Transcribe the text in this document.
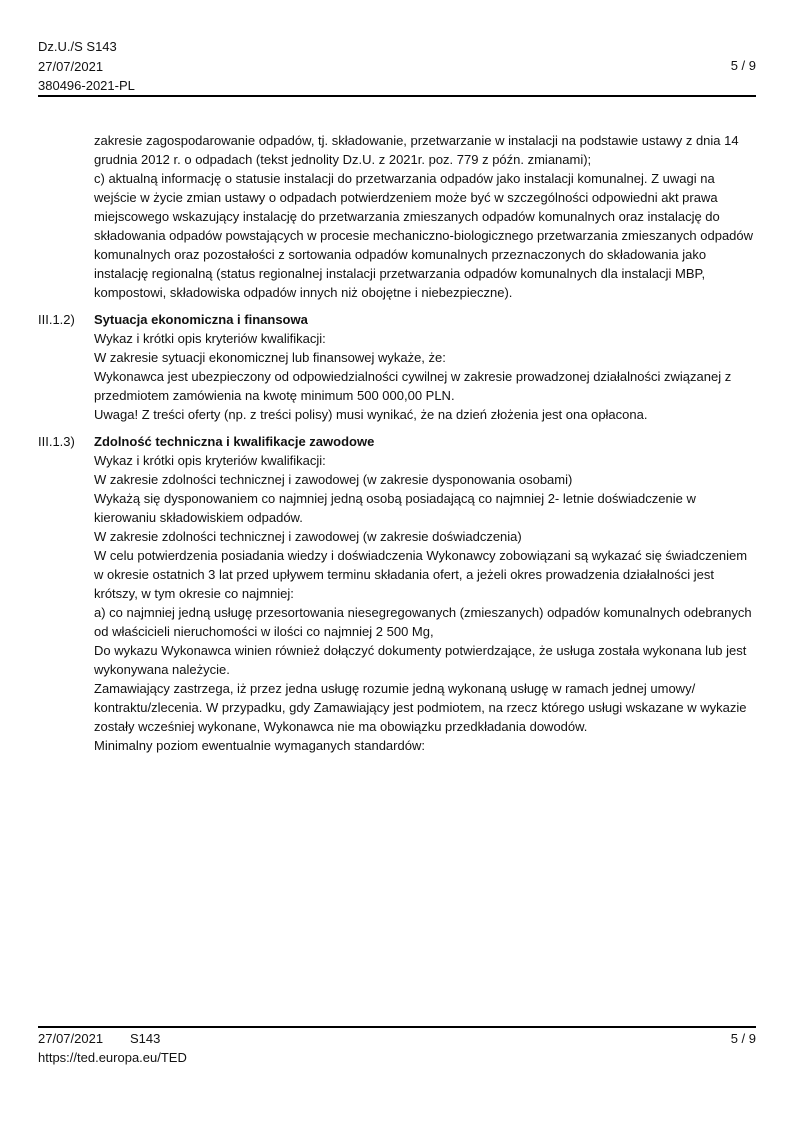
Dz.U./S S143
27/07/2021
380496-2021-PL
5 / 9

zakresie zagospodarowanie odpadów, tj. składowanie, przetwarzanie w instalacji na podstawie ustawy z dnia 14 grudnia 2012 r. o odpadach (tekst jednolity Dz.U. z 2021r. poz. 779 z późn. zmianami);

c) aktualną informację o statusie instalacji do przetwarzania odpadów jako instalacji komunalnej. Z uwagi na wejście w życie zmian ustawy o odpadach potwierdzeniem może być w szczególności odpowiedni akt prawa miejscowego wskazujący instalację do przetwarzania zmieszanych odpadów komunalnych oraz instalację do składowania odpadów powstających w procesie mechaniczno-biologicznego przetwarzania zmieszanych odpadów komunalnych oraz pozostałości z sortowania odpadów komunalnych przeznaczonych do składowania jako instalację regionalną (status regionalnej instalacji przetwarzania odpadów komunalnych dla instalacji MBP, kompostowi, składowiska odpadów innych niż obojętne i niebezpieczne).

III.1.2)	Sytuacja ekonomiczna i finansowa

Wykaz i krótki opis kryteriów kwalifikacji:

W zakresie sytuacji ekonomicznej lub finansowej wykaże, że:

Wykonawca jest ubezpieczony od odpowiedzialności cywilnej w zakresie prowadzonej działalności związanej z przedmiotem zamówienia na kwotę minimum 500 000,00 PLN.

Uwaga! Z treści oferty (np. z treści polisy) musi wynikać, że na dzień złożenia jest ona opłacona.

III.1.3)	Zdolność techniczna i kwalifikacje zawodowe

Wykaz i krótki opis kryteriów kwalifikacji:

W zakresie zdolności technicznej i zawodowej (w zakresie dysponowania osobami)

Wykażą się dysponowaniem co najmniej jedną osobą posiadającą co najmniej 2- letnie doświadczenie w kierowaniu składowiskiem odpadów.

W zakresie zdolności technicznej i zawodowej (w zakresie doświadczenia)

W celu potwierdzenia posiadania wiedzy i doświadczenia Wykonawcy zobowiązani są wykazać się świadczeniem w okresie ostatnich 3 lat przed upływem terminu składania ofert, a jeżeli okres prowadzenia działalności jest krótszy, w tym okresie co najmniej:

a) co najmniej jedną usługę przesortowania niesegregowanych (zmieszanych) odpadów komunalnych odebranych od właścicieli nieruchomości w ilości co najmniej 2 500 Mg,

Do wykazu Wykonawca winien również dołączyć dokumenty potwierdzające, że usługa została wykonana lub jest wykonywana należycie.

Zamawiający zastrzega, iż przez jedna usługę rozumie jedną wykonaną usługę w ramach jednej umowy/ kontraktu/zlecenia. W przypadku, gdy Zamawiający jest podmiotem, na rzecz którego usługi wskazane w wykazie zostały wcześniej wykonane, Wykonawca nie ma obowiązku przedkładania dowodów.

Minimalny poziom ewentualnie wymaganych standardów:

27/07/2021 S143
https://ted.europa.eu/TED
5 / 9
